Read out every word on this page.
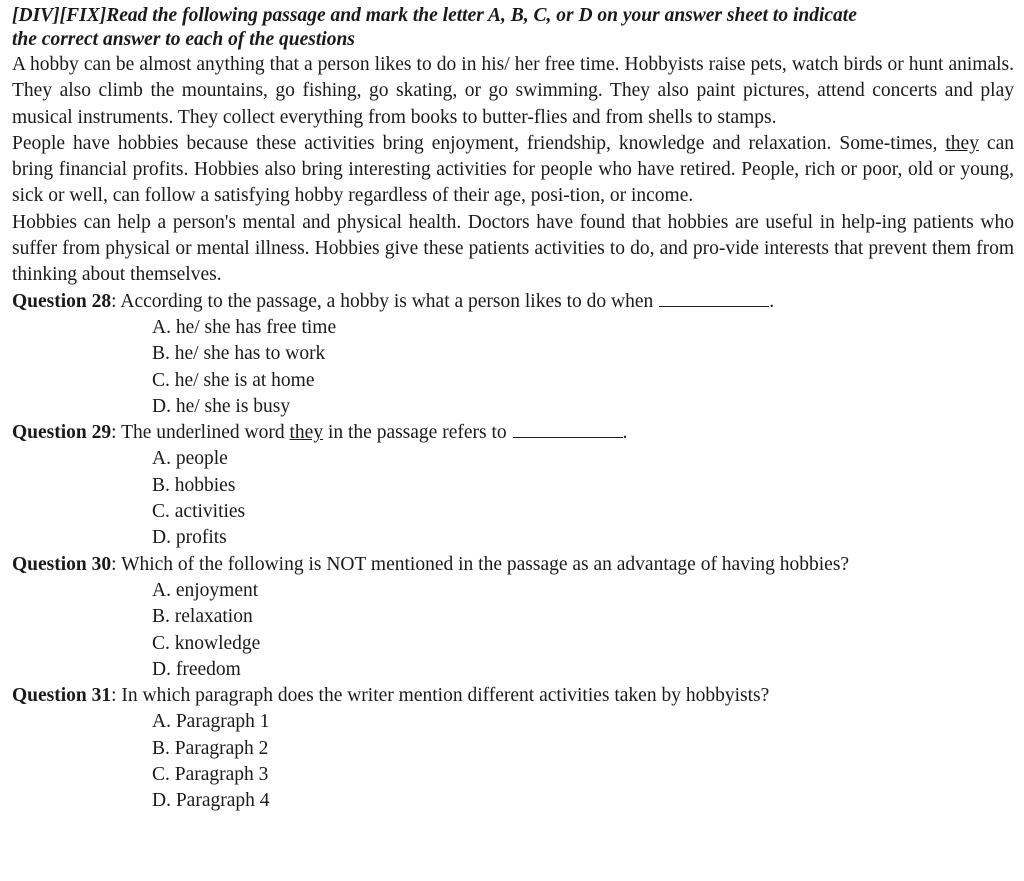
[DIV][FIX]Read the following passage and mark the letter A, B, C, or D on your answer sheet to indicate
the correct answer to each of the questions

A hobby can be almost anything that a person likes to do in his/ her free time. Hobbyists raise pets, watch birds or hunt animals. They also climb the mountains, go fishing, go skating, or go swimming. They also paint pictures, attend concerts and play musical instruments. They collect everything from books to butter-flies and from shells to stamps.

People have hobbies because these activities bring enjoyment, friendship, knowledge and relaxation. Some-times, they can bring financial profits. Hobbies also bring interesting activities for people who have retired. People, rich or poor, old or young, sick or well, can follow a satisfying hobby regardless of their age, posi-tion, or income.

Hobbies can help a person's mental and physical health. Doctors have found that hobbies are useful in help-ing patients who suffer from physical or mental illness. Hobbies give these patients activities to do, and pro-vide interests that prevent them from thinking about themselves.

Question 28: According to the passage, a hobby is what a person likes to do when	.

A. he/ she has free time
B. he/ she has to work
C. he/ she is at home
D. he/ she is busy

Question 29: The underlined word they in the passage refers to	.

A. people
B. hobbies
C. activities
D. profits

Question 30: Which of the following is NOT mentioned in the passage as an advantage of having hobbies?

A. enjoyment
B. relaxation
C. knowledge
D. freedom

Question 31: In which paragraph does the writer mention different activities taken by hobbyists?

A. Paragraph 1
B. Paragraph 2
C. Paragraph 3
D. Paragraph 4
